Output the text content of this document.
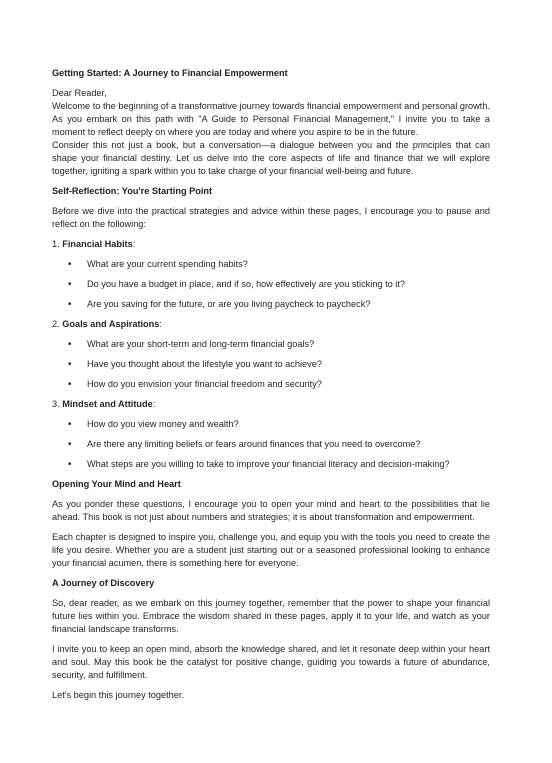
Getting Started: A Journey to Financial Empowerment

Dear Reader,

Welcome to the beginning of a transformative journey towards financial empowerment and personal growth. As you embark on this path with "A Guide to Personal Financial Management," I invite you to take a moment to reflect deeply on where you are today and where you aspire to be in the future.

Consider this not just a book, but a conversation—a dialogue between you and the principles that can shape your financial destiny. Let us delve into the core aspects of life and finance that we will explore together, igniting a spark within you to take charge of your financial well-being and future.

Self-Reflection: You're Starting Point

Before we dive into the practical strategies and advice within these pages, I encourage you to pause and reflect on the following:

1. Financial Habits:
• What are your current spending habits?
• Do you have a budget in place, and if so, how effectively are you sticking to it?
• Are you saving for the future, or are you living paycheck to paycheck?
2. Goals and Aspirations:
• What are your short-term and long-term financial goals?
• Have you thought about the lifestyle you want to achieve?
• How do you envision your financial freedom and security?
3. Mindset and Attitude:
• How do you view money and wealth?
• Are there any limiting beliefs or fears around finances that you need to overcome?
• What steps are you willing to take to improve your financial literacy and decision-making?
Opening Your Mind and Heart

As you ponder these questions, I encourage you to open your mind and heart to the possibilities that lie ahead. This book is not just about numbers and strategies; it is about transformation and empowerment.

Each chapter is designed to inspire you, challenge you, and equip you with the tools you need to create the life you desire. Whether you are a student just starting out or a seasoned professional looking to enhance your financial acumen, there is something here for everyone.

A Journey of Discovery

So, dear reader, as we embark on this journey together, remember that the power to shape your financial future lies within you. Embrace the wisdom shared in these pages, apply it to your life, and watch as your financial landscape transforms.

I invite you to keep an open mind, absorb the knowledge shared, and let it resonate deep within your heart and soul. May this book be the catalyst for positive change, guiding you towards a future of abundance, security, and fulfillment.

Let's begin this journey together.
